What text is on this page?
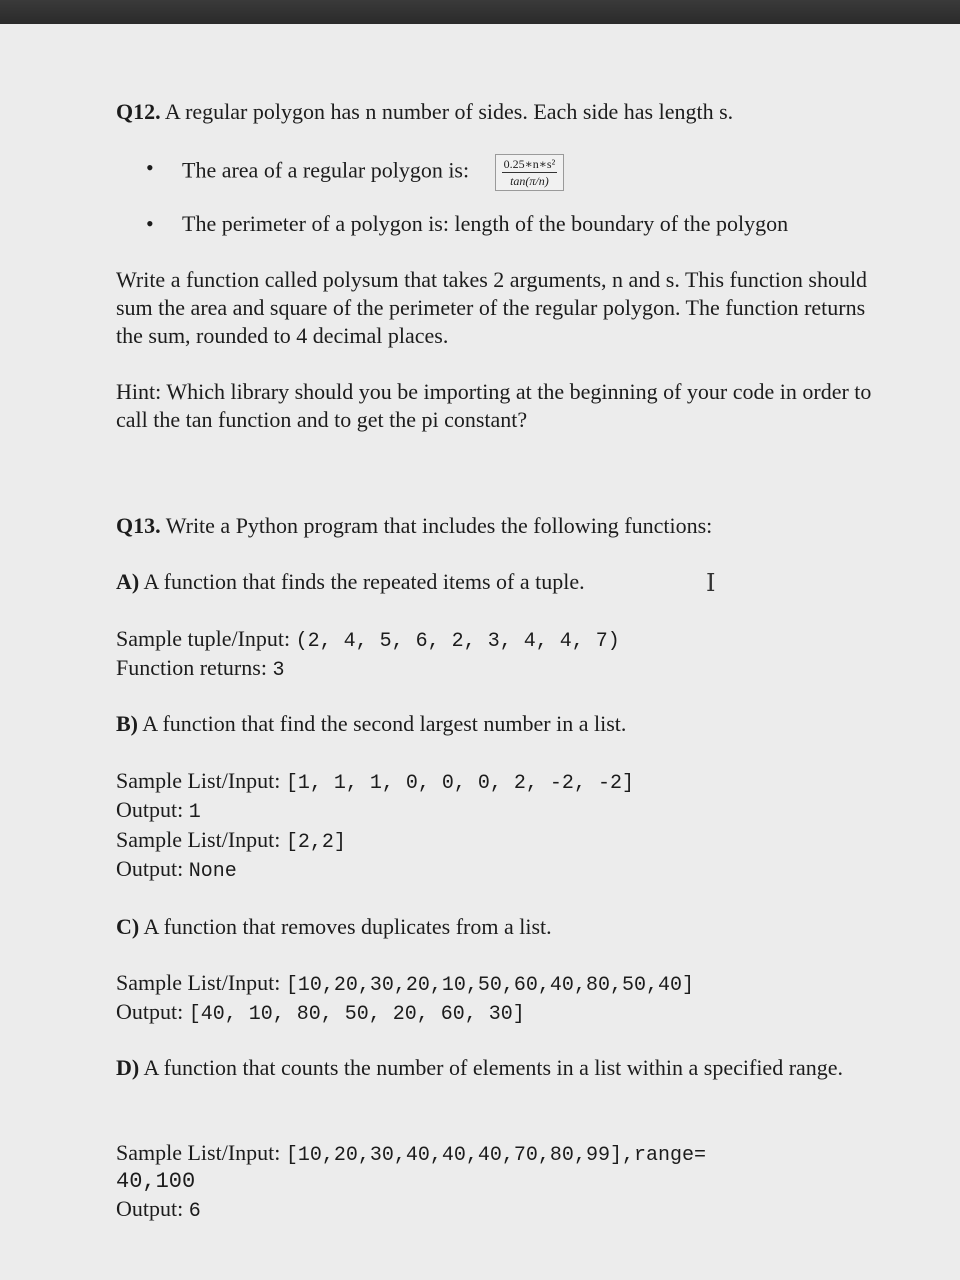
Q12. A regular polygon has n number of sides. Each side has length s.

• The area of a regular polygon is: $\frac{\text{0.25∗n∗s²}}{\tan(\pi/n)}$
• The perimeter of a polygon is: length of the boundary of the polygon

Write a function called polysum that takes 2 arguments, n and s. This function should sum the area and square of the perimeter of the regular polygon. The function returns the sum, rounded to 4 decimal places.

Hint: Which library should you be importing at the beginning of your code in order to call the tan function and to get the pi constant?

Q13. Write a Python program that includes the following functions:

A) A function that finds the repeated items of a tuple.

Sample tuple/Input: (2, 4, 5, 6, 2, 3, 4, 4, 7)
Function returns: 3

B) A function that find the second largest number in a list.

Sample List/Input: [1, 1, 1, 0, 0, 0, 2, -2, -2]
Output: 1
Sample List/Input: [2,2]
Output: None

C) A function that removes duplicates from a list.

Sample List/Input: [10,20,30,20,10,50,60,40,80,50,40]
Output: [40, 10, 80, 50, 20, 60, 30]

D) A function that counts the number of elements in a list within a specified range.

Sample List/Input: [10,20,30,40,40,40,70,80,99],range=
40,100
Output: 6
I
